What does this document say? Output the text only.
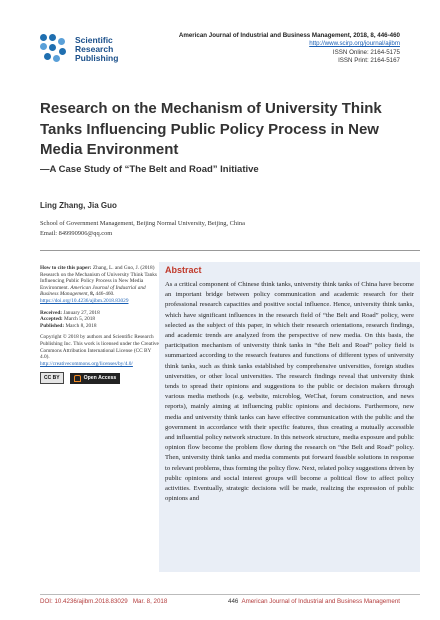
Scientific
Research
Publishing
American Journal of Industrial and Business Management, 2018, 8, 446-460
http://www.scirp.org/journal/ajibm
ISSN Online: 2164-5175
ISSN Print: 2164-5167
Research on the Mechanism of University Think Tanks Influencing Public Policy Process in New Media Environment
—A Case Study of “The Belt and Road” Initiative
Ling Zhang, Jia Guo
School of Government Management, Beijing Normal University, Beijing, China
Email: 849990906@qq.com

How to cite this paper: Zhang, L. and Guo, J. (2018) Research on the Mechanism of University Think Tanks Influencing Public Policy Process in New Media Environment. American Journal of Industrial and Business Management, 8, 446-460. https://doi.org/10.4236/ajibm.2018.83029

Received: January 27, 2018
Accepted: March 5, 2018
Published: March 8, 2018

Copyright © 2018 by authors and Scientific Research Publishing Inc. This work is licensed under the Creative Commons Attribution International License (CC BY 4.0).
http://creativecommons.org/licenses/by/4.0/

CC BY	Open Access
Abstract
As a critical component of Chinese think tanks, university think tanks of China have become an important bridge between policy communication and academic research for their professional research capacities and positive social influence. Hence, university think tanks, which have significant influences in the research field of “the Belt and Road” policy, were selected as the subject of this paper, in which their research orientations, research findings, and academic trends are analyzed from the perspective of new media. On this basis, the participation mechanism of university think tanks in “the Belt and Road” policy field is summarized according to the research features and functions of different types of university think tanks, such as think tanks established by comprehensive universities, foreign studies universities, or other local universities. The research findings reveal that university think tends to spread their opinions and suggestions to the public or decision makers through various media methods (e.g. website, microblog, WeChat, forum construction, and news reports), mainly aiming at influencing public opinions and decisions. Furthermore, new media and university think tanks can have effective communication with the public and the government in accordance with their specific features, thus creating a mutually accessible and influential policy network structure. In this network structure, media exposure and public opinion flow become the problem flow during the research on “the Belt and Road” policy. Then, university think tanks and media comments put forward feasible solutions in response to relevant problems, thus forming the policy flow. Next, related policy suggestions driven by public opinions and social interest groups will become a political flow to affect policy activities. Eventually, strategic decisions will be made, realizing the expression of public opinions and
DOI: 10.4236/ajibm.2018.83029 Mar. 8, 2018	446 American Journal of Industrial and Business Management
